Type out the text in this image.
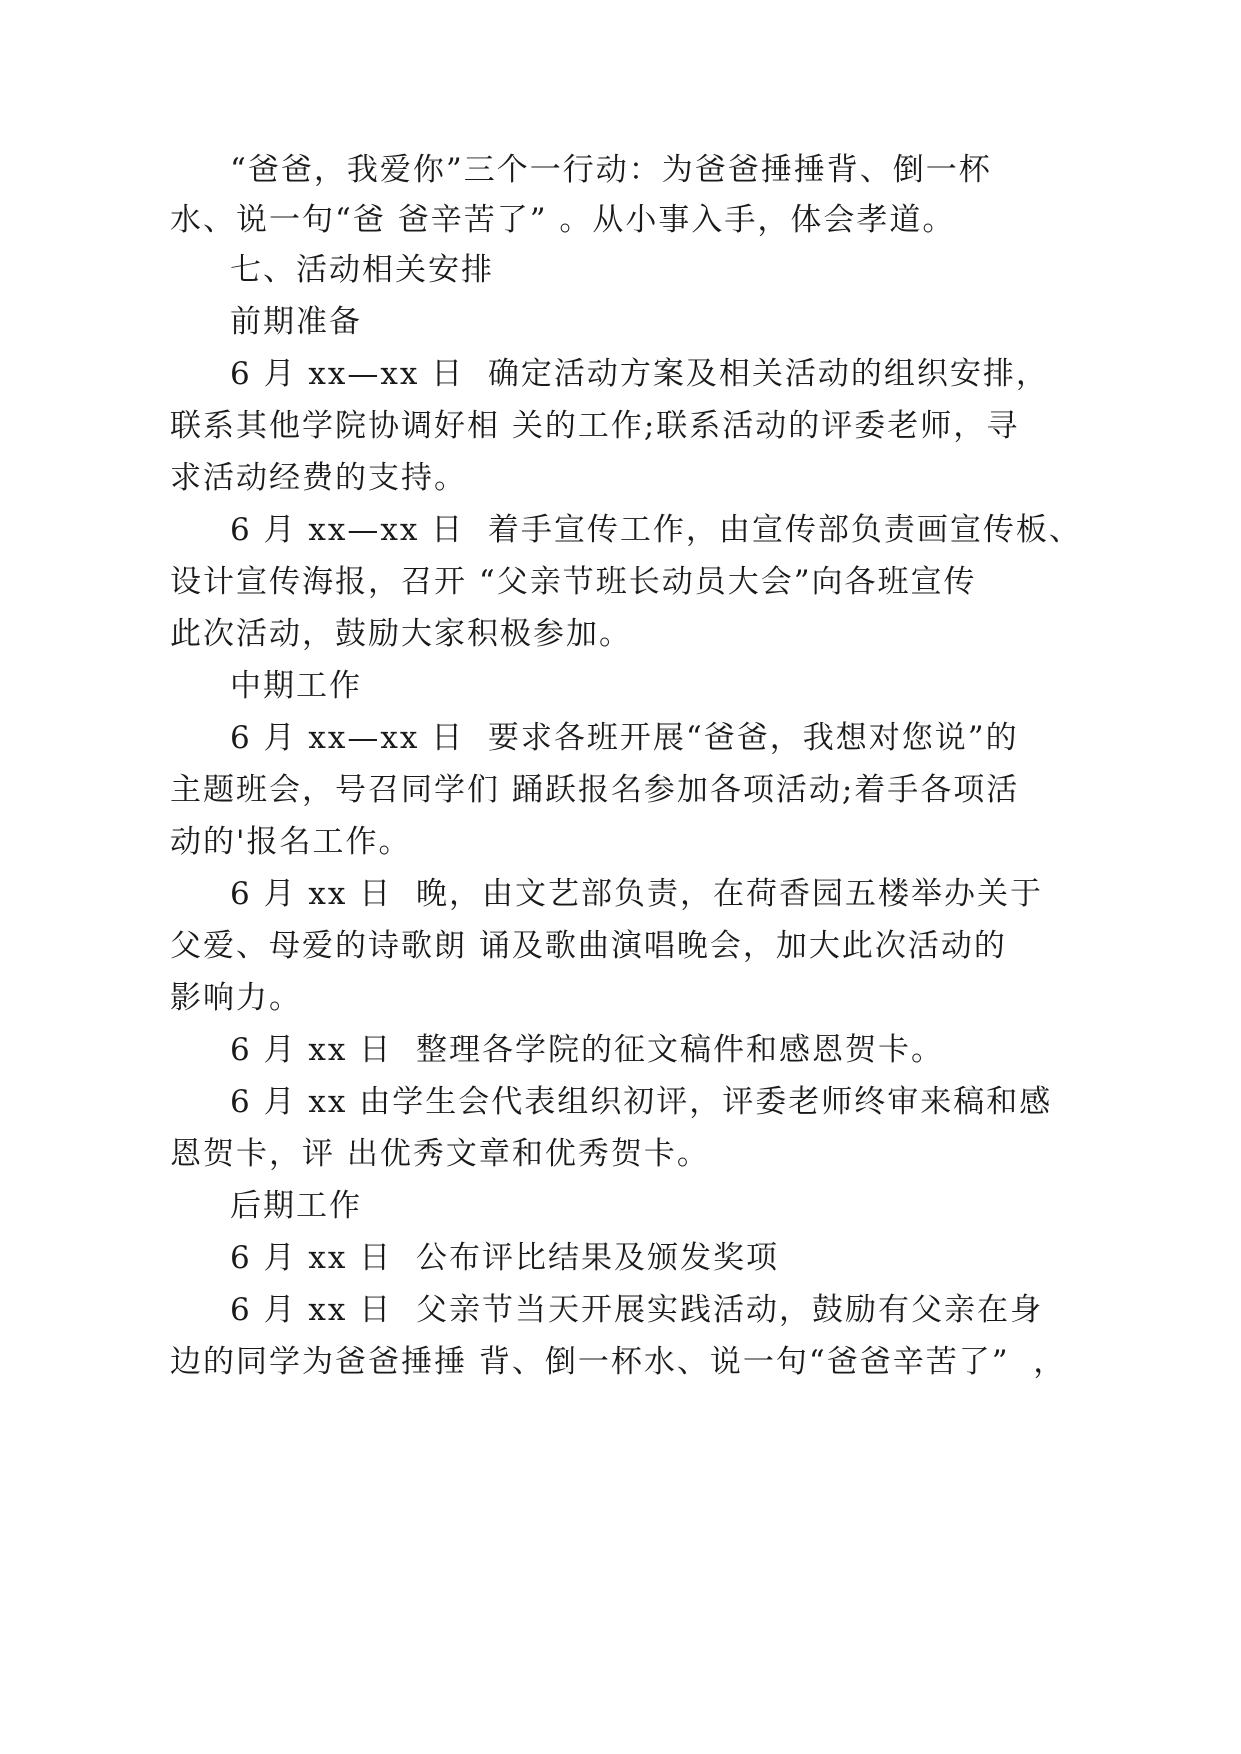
“爸爸，我爱你”三个一行动：为爸爸捶捶背、倒一杯
水、说一句“爸 爸辛苦了” 。从小事入手，体会孝道。
七、活动相关安排
前期准备
6 月 xx—xx 日  确定活动方案及相关活动的组织安排，
联系其他学院协调好相 关的工作;联系活动的评委老师，寻
求活动经费的支持。
6 月 xx—xx 日  着手宣传工作，由宣传部负责画宣传板、
设计宣传海报，召开 “父亲节班长动员大会”向各班宣传
此次活动，鼓励大家积极参加。
中期工作
6 月 xx—xx 日  要求各班开展“爸爸，我想对您说”的
主题班会，号召同学们 踊跃报名参加各项活动;着手各项活
动的'报名工作。
6 月 xx 日  晚，由文艺部负责，在荷香园五楼举办关于
父爱、母爱的诗歌朗 诵及歌曲演唱晚会，加大此次活动的
影响力。
6 月 xx 日  整理各学院的征文稿件和感恩贺卡。
6 月 xx 由学生会代表组织初评，评委老师终审来稿和感
恩贺卡，评 出优秀文章和优秀贺卡。
后期工作
6 月 xx 日  公布评比结果及颁发奖项
6 月 xx 日  父亲节当天开展实践活动，鼓励有父亲在身
边的同学为爸爸捶捶 背、倒一杯水、说一句“爸爸辛苦了”  ，
